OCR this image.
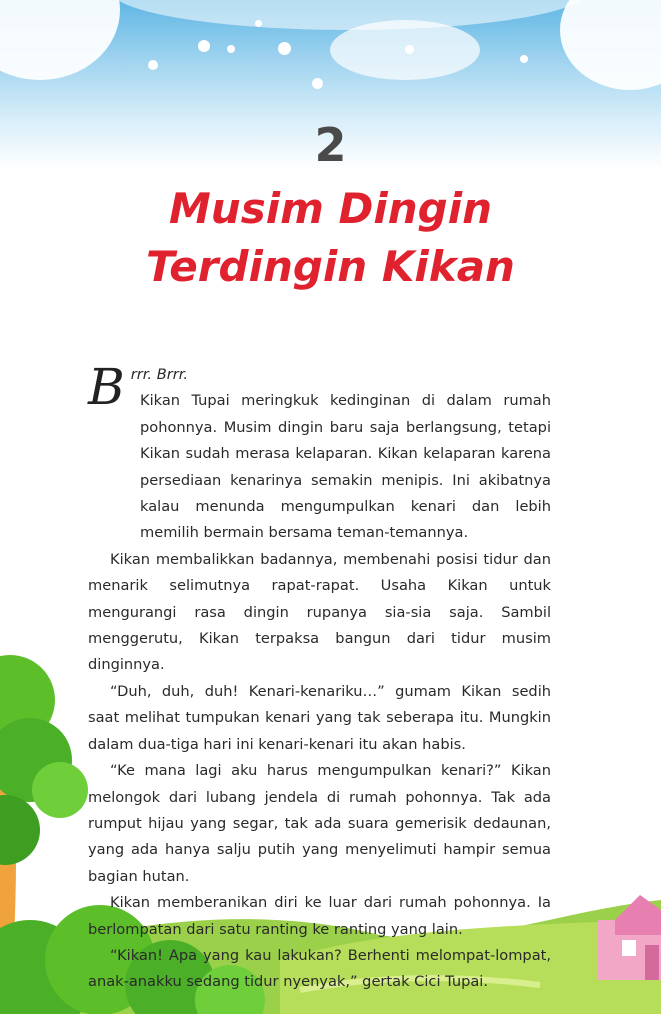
2
Musim Dingin
Terdingin Kikan
B rrr. Brrr.

Kikan Tupai meringkuk kedinginan di dalam rumah pohonnya. Musim dingin baru saja berlangsung, tetapi Kikan sudah merasa kelaparan. Kikan kelaparan karena persediaan kenarinya semakin menipis. Ini akibatnya kalau menunda mengumpulkan kenari dan lebih memilih bermain bersama teman-temannya.

Kikan membalikkan badannya, membenahi posisi tidur dan menarik selimutnya rapat-rapat. Usaha Kikan untuk mengurangi rasa dingin rupanya sia-sia saja. Sambil menggerutu, Kikan terpaksa bangun dari tidur musim dinginnya.

“Duh, duh, duh! Kenari-kenariku…” gumam Kikan sedih saat melihat tumpukan kenari yang tak seberapa itu. Mungkin dalam dua-tiga hari ini kenari-kenari itu akan habis.

“Ke mana lagi aku harus mengumpulkan kenari?” Kikan melongok dari lubang jendela di rumah pohonnya. Tak ada rumput hijau yang segar, tak ada suara gemerisik dedaunan, yang ada hanya salju putih yang menyelimuti hampir semua bagian hutan.

Kikan memberanikan diri ke luar dari rumah pohonnya. Ia berlompatan dari satu ranting ke ranting yang lain.

“Kikan! Apa yang kau lakukan? Berhenti melompat-lompat, anak-anakku sedang tidur nyenyak,” gertak Cici Tupai.
